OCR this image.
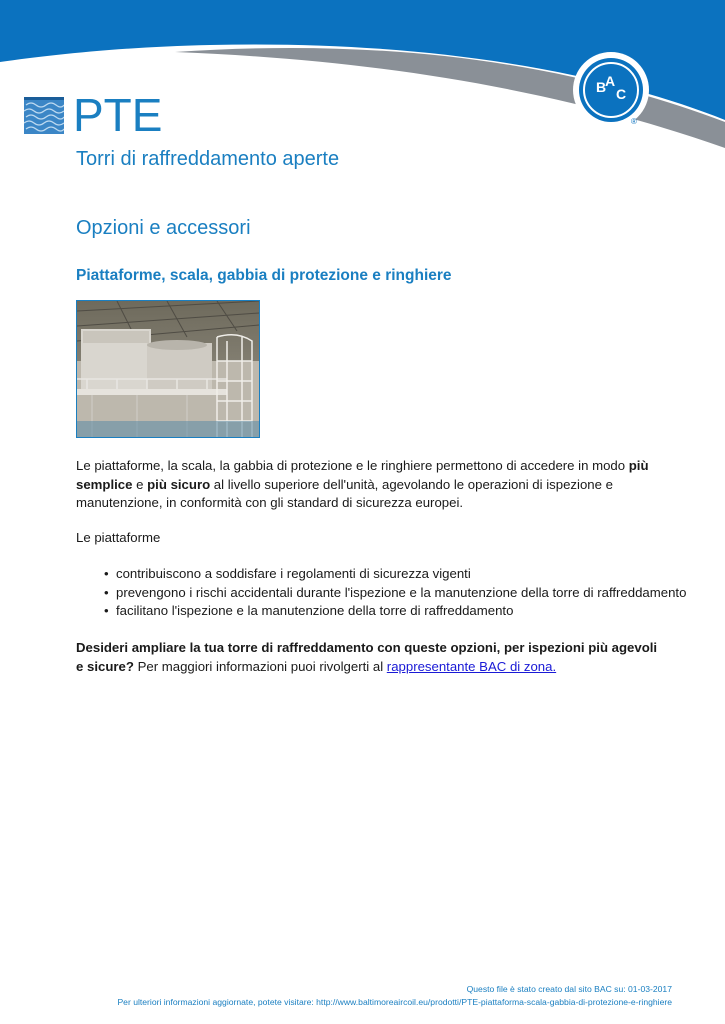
B
A
C
®
PTE
Torri di raffreddamento aperte
Opzioni e accessori
Piattaforme, scala, gabbia di protezione e ringhiere

Le piattaforme, la scala, la gabbia di protezione e le ringhiere permettono di accedere in modo più semplice e più sicuro al livello superiore dell'unità, agevolando le operazioni di ispezione e manutenzione, in conformità con gli standard di sicurezza europei.

Le piattaforme

• contribuiscono a soddisfare i regolamenti di sicurezza vigenti
• prevengono i rischi accidentali durante l'ispezione e la manutenzione della torre di raffreddamento
• facilitano l'ispezione e la manutenzione della torre di raffreddamento

Desideri ampliare la tua torre di raffreddamento con queste opzioni, per ispezioni più agevoli e sicure? Per maggiori informazioni puoi rivolgerti al rappresentante BAC di zona.

Questo file è stato creato dal sito BAC su: 01-03-2017
Per ulteriori informazioni aggiornate, potete visitare: http://www.baltimoreaircoil.eu/prodotti/PTE-piattaforma-scala-gabbia-di-protezione-e-ringhiere
